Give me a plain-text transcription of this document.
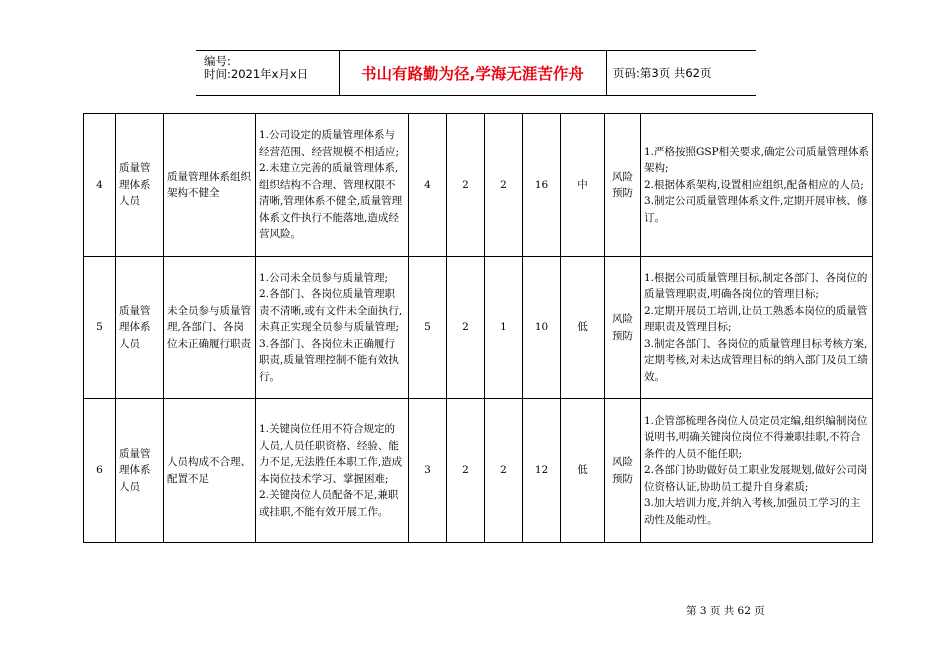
编号:
时间:2021年x月x日	书山有路勤为径,学海无涯苦作舟	页码:第3页 共62页
4	质量管理体系人员	质量管理体系组织架构不健全	1.公司设定的质量管理体系与经营范围、经营规模不相适应;
2.未建立完善的质量管理体系,组织结构不合理、管理权限不清晰,管理体系不健全,质量管理体系文件执行不能落地,造成经营风险。	4	2	2	16	中	风险预防	1.严格按照GSP相关要求,确定公司质量管理体系架构;
2.根据体系架构,设置相应组织,配备相应的人员;
3.制定公司质量管理体系文件,定期开展审核、修订。

5	质量管理体系人员	未全员参与质量管理,各部门、各岗位未正确履行职责	1.公司未全员参与质量管理;
2.各部门、各岗位质量管理职责不清晰,或有文件未全面执行,未真正实现全员参与质量管理;
3.各部门、各岗位未正确履行职责,质量管理控制不能有效执行。	5	2	1	10	低	风险预防	1.根据公司质量管理目标,制定各部门、各岗位的质量管理职责,明确各岗位的管理目标;
2.定期开展员工培训,让员工熟悉本岗位的质量管理职责及管理目标;
3.制定各部门、各岗位的质量管理目标考核方案,定期考核,对未达成管理目标的纳入部门及员工绩效。

6	质量管理体系人员	人员构成不合理、配置不足	1.关键岗位任用不符合规定的人员,人员任职资格、经验、能力不足,无法胜任本职工作,造成本岗位技术学习、掌握困难;
2.关键岗位人员配备不足,兼职或挂职,不能有效开展工作。	3	2	2	12	低	风险预防	1.企管部梳理各岗位人员定员定编,组织编制岗位说明书,明确关键岗位岗位不得兼职挂职,不符合条件的人员不能任职;
2.各部门协助做好员工职业发展规划,做好公司岗位资格认证,协助员工提升自身素质;
3.加大培训力度,并纳入考核,加强员工学习的主动性及能动性。
第 3 页 共 62 页
